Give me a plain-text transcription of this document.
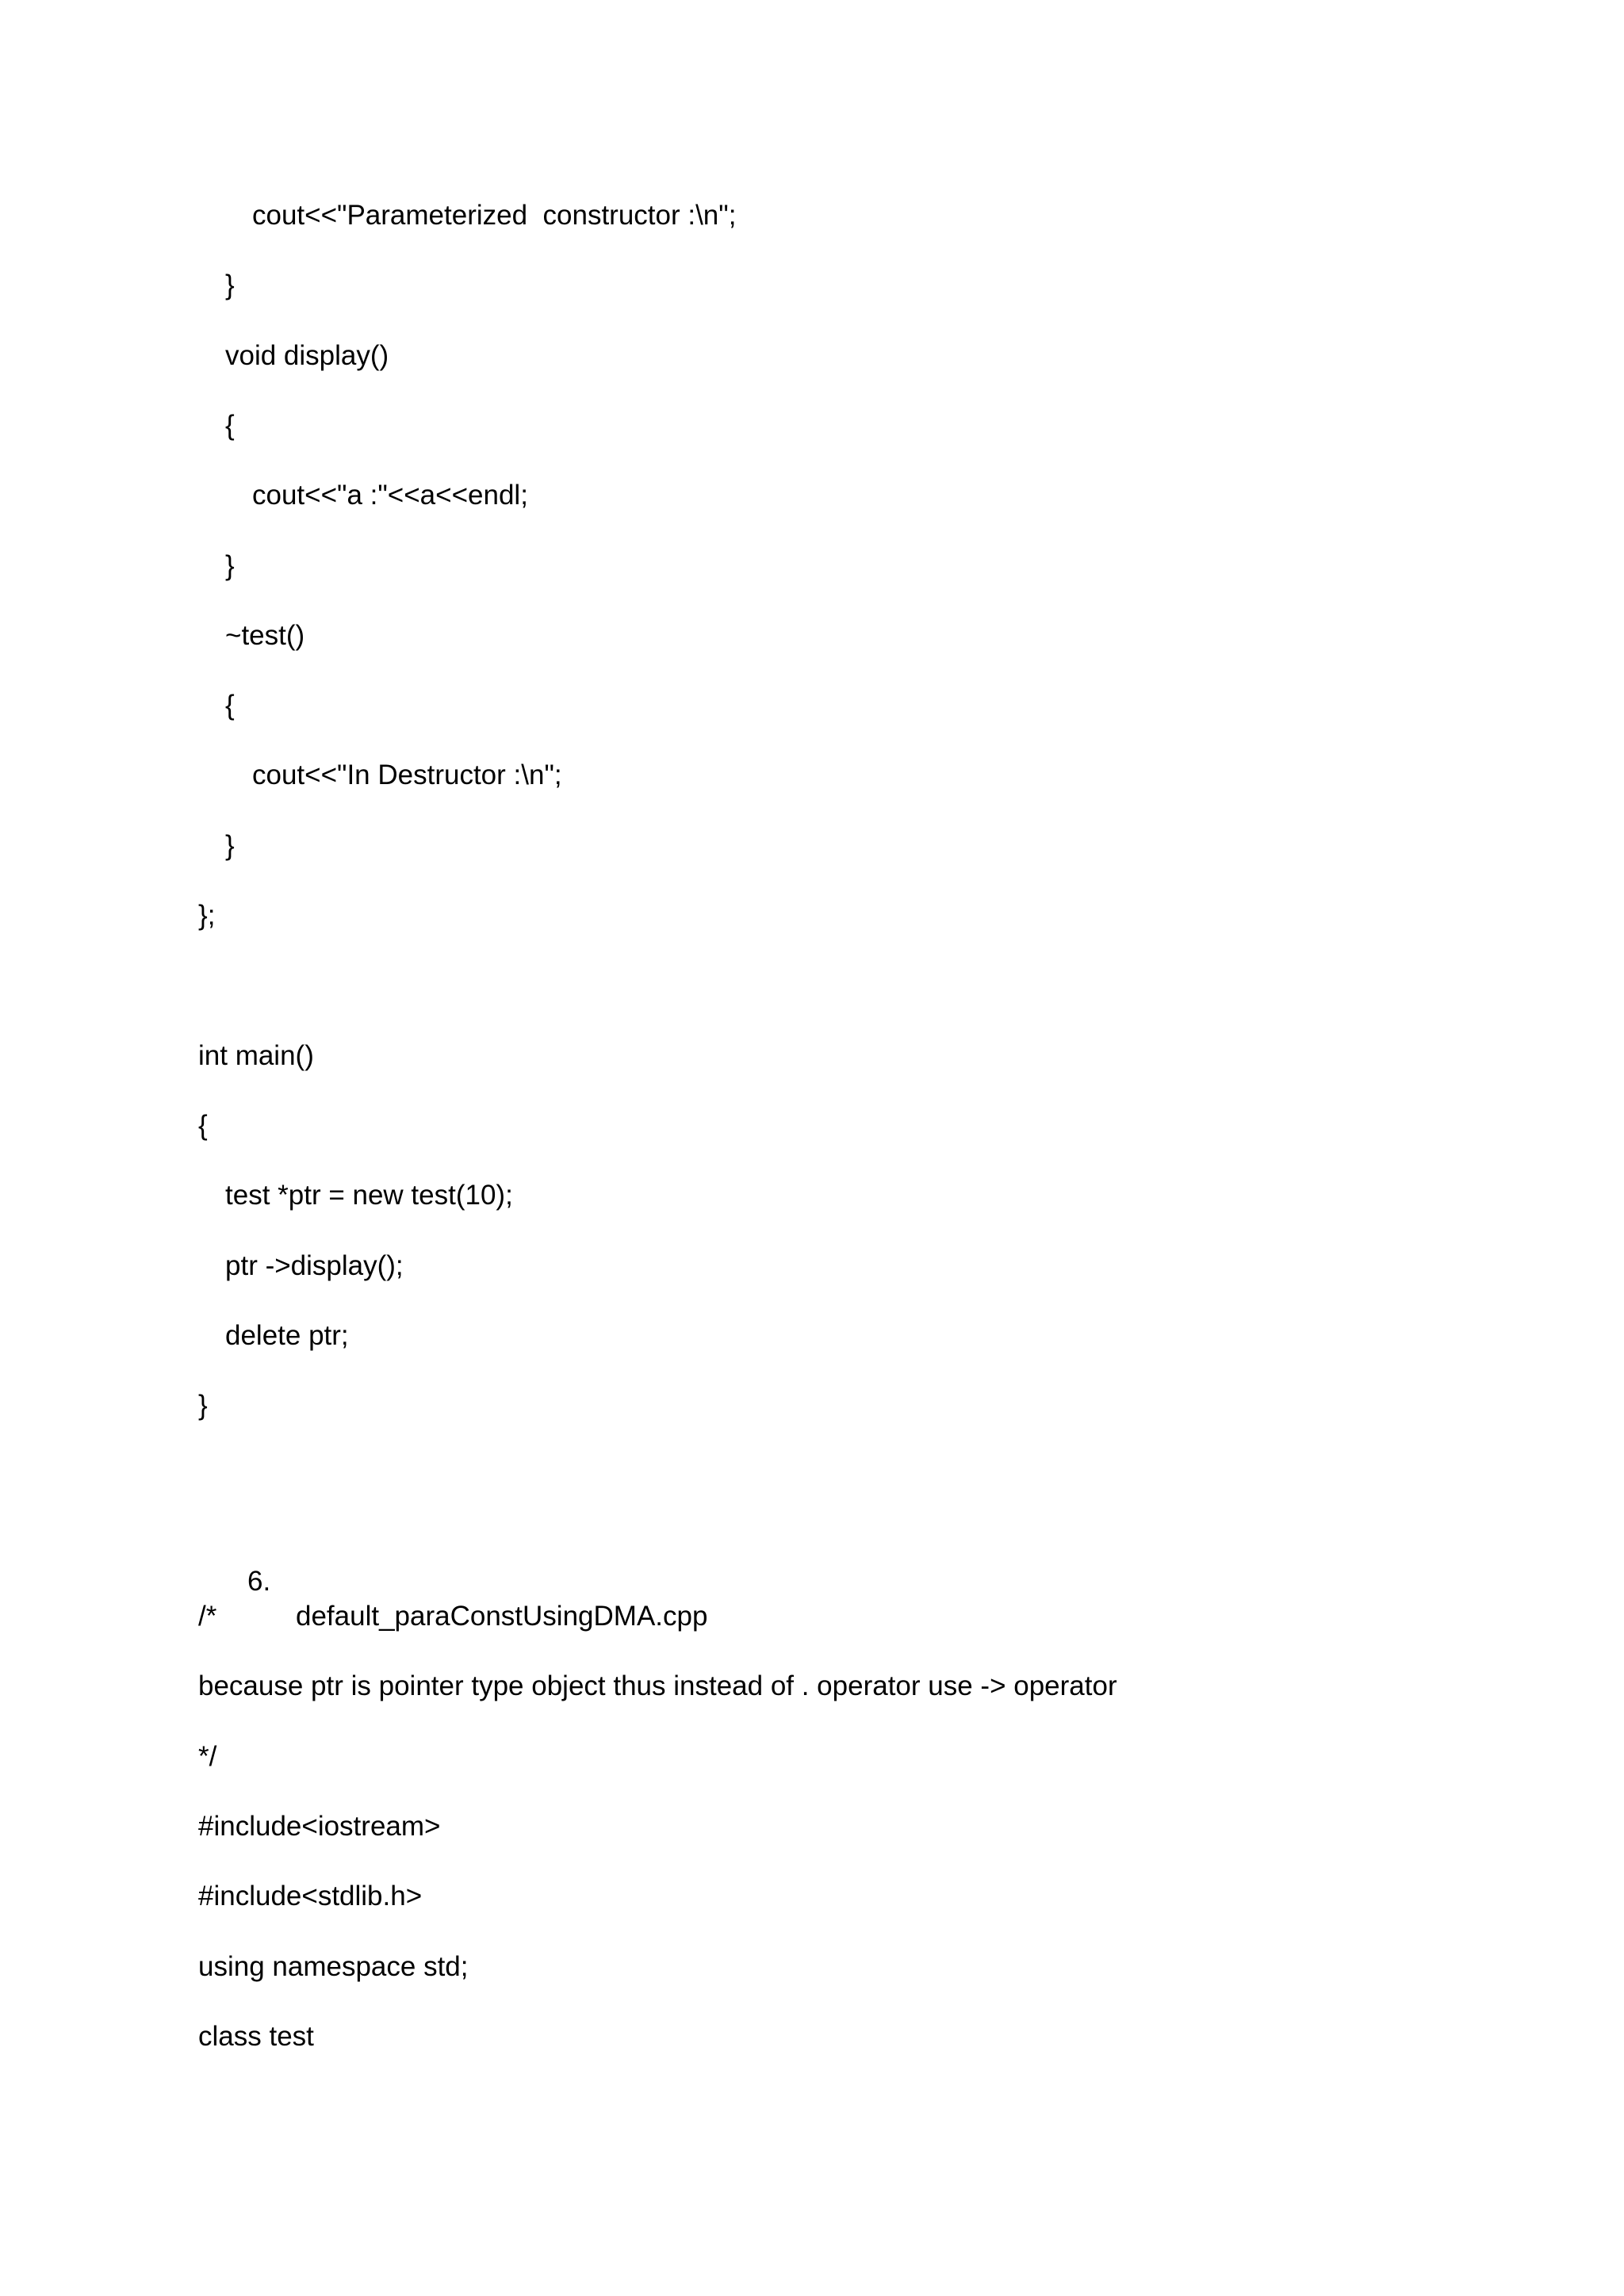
cout<<"Parameterized  constructor :\n";
}
void display()
{
cout<<"a :"<<a<<endl;
}
~test()
{
cout<<"In Destructor :\n";
}
};
int main()
{
test *ptr = new test(10);
ptr ->display();
delete ptr;
}

6.

default_paraConstUsingDMA.cpp

/*
because ptr is pointer type object thus instead of . operator use -> operator
*/
#include<iostream>
#include<stdlib.h>
using namespace std;
class test
